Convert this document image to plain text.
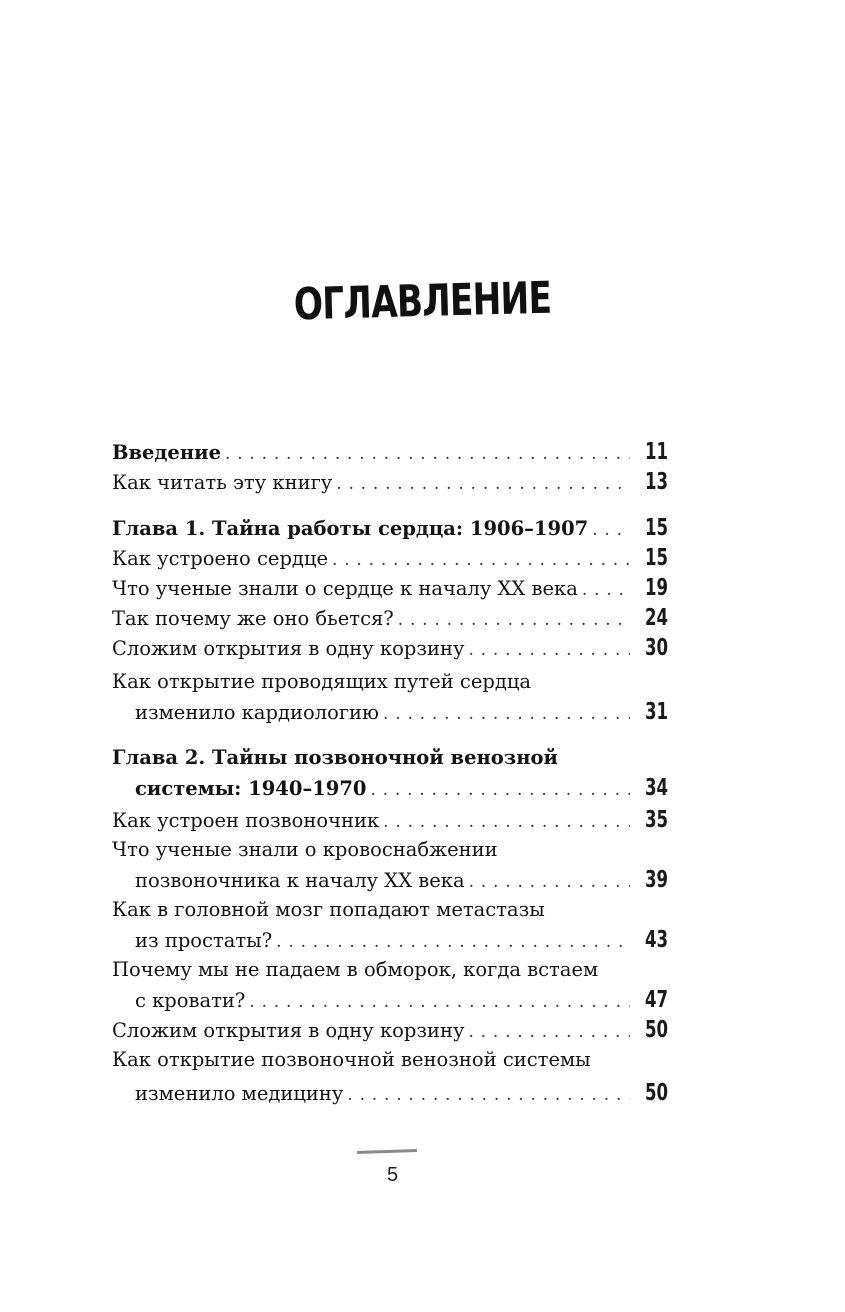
ОГЛАВЛЕНИЕ
Введение . . .	11
Как читать эту книгу . . .	13
Глава 1. Тайна работы сердца: 1906–1907 . . . 15
Как устроено сердце . . .	15
Что ученые знали о сердце к началу XX века . . .	19
Так почему же оно бьется? . . .	24
Сложим открытия в одну корзину . . .	30
Как открытие проводящих путей сердца
изменило кардиологию . . .	31
Глава 2. Тайны позвоночной венозной
системы: 1940–1970 . . .	34
Как устроен позвоночник . . .	35
Что ученые знали о кровоснабжении
позвоночника к началу XX века . . .	39
Как в головной мозг попадают метастазы
из простаты? . . .	43
Почему мы не падаем в обморок, когда встаем
с кровати? . . .	47
Сложим открытия в одну корзину . . .	50
Как открытие позвоночной венозной системы
изменило медицину . . .	50
5
